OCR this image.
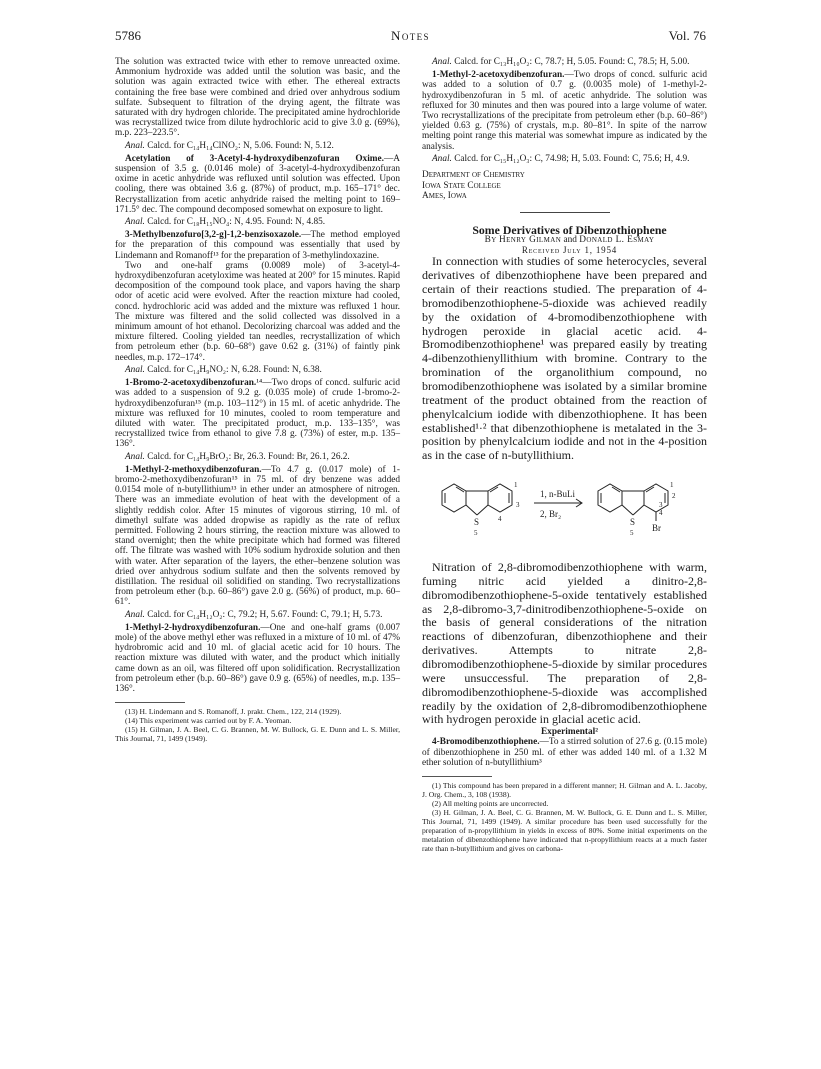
5786	Notes	Vol. 76

The solution was extracted twice with ether to remove unreacted oxime. Ammonium hydroxide was added until the solution was basic, and the solution was again extracted twice with ether. The ethereal extracts containing the free base were combined and dried over anhydrous sodium sulfate. Subsequent to filtration of the drying agent, the filtrate was saturated with dry hydrogen chloride. The precipitated amine hydrochloride was recrystallized twice from dilute hydrochloric acid to give 3.0 g. (69%), m.p. 223–223.5°.

Anal. Calcd. for C₁₄H₁₄ClNO₂: N, 5.06. Found: N, 5.12.

Acetylation of 3-Acetyl-4-hydroxydibenzofuran Oxime.—A suspension of 3.5 g. (0.0146 mole) of 3-acetyl-4-hydroxydibenzofuran oxime in acetic anhydride was refluxed until solution was effected. Upon cooling, there was obtained 3.6 g. (87%) of product, m.p. 165–171° dec. Recrystallization from acetic anhydride raised the melting point to 169–171.5° dec. The compound decomposed somewhat on exposure to light.

Anal. Calcd. for C₁₈H₁₅NO₄: N, 4.95. Found: N, 4.85.

3-Methylbenzofuro[3,2-g]-1,2-benzisoxazole.—The method employed for the preparation of this compound was essentially that used by Lindemann and Romanoff¹³ for the preparation of 3-methylindoxazine.

Two and one-half grams (0.0089 mole) of 3-acetyl-4-hydroxydibenzofuran acetyloxime was heated at 200° for 15 minutes. Rapid decomposition of the compound took place, and vapors having the sharp odor of acetic acid were evolved. After the reaction mixture had cooled, concd. hydrochloric acid was added and the mixture was refluxed 1 hour. The mixture was filtered and the solid collected was dissolved in a minimum amount of hot ethanol. Decolorizing charcoal was added and the mixture filtered. Cooling yielded tan needles, recrystallization of which from petroleum ether (b.p. 60–68°) gave 0.62 g. (31%) of faintly pink needles, m.p. 172–174°.

Anal. Calcd. for C₁₄H₉NO₂: N, 6.28. Found: N, 6.38.

1-Bromo-2-acetoxydibenzofuran.¹⁴—Two drops of concd. sulfuric acid was added to a suspension of 9.2 g. (0.035 mole) of crude 1-bromo-2-hydroxydibenzofuran¹⁵ (m.p. 103–112°) in 15 ml. of acetic anhydride. The mixture was refluxed for 10 minutes, cooled to room temperature and diluted with water. The precipitated product, m.p. 133–135°, was recrystallized twice from ethanol to give 7.8 g. (73%) of ester, m.p. 135–136°.

Anal. Calcd. for C₁₄H₉BrO₂: Br, 26.3. Found: Br, 26.1, 26.2.

1-Methyl-2-methoxydibenzofuran.—To 4.7 g. (0.017 mole) of 1-bromo-2-methoxydibenzofuran¹⁵ in 75 ml. of dry benzene was added 0.0154 mole of n-butyllithium¹³ in ether under an atmosphere of nitrogen. There was an immediate evolution of heat with the development of a slightly reddish color. After 15 minutes of vigorous stirring, 10 ml. of dimethyl sulfate was added dropwise as rapidly as the rate of reflux permitted. Following 2 hours stirring, the reaction mixture was allowed to stand overnight; then the white precipitate which had formed was filtered off. The filtrate was washed with 10% sodium hydroxide solution and then with water. After separation of the layers, the ether–benzene solution was dried over anhydrous sodium sulfate and then the solvents removed by distillation. The residual oil solidified on standing. Two recrystallizations from petroleum ether (b.p. 60–86°) gave 2.0 g. (56%) of product, m.p. 60–61°.

Anal. Calcd. for C₁₄H₁₂O₂: C, 79.2; H, 5.67. Found: C, 79.1; H, 5.73.

1-Methyl-2-hydroxydibenzofuran.—One and one-half grams (0.007 mole) of the above methyl ether was refluxed in a mixture of 10 ml. of 47% hydrobromic acid and 10 ml. of glacial acetic acid for 10 hours. The reaction mixture was diluted with water, and the product which initially came down as an oil, was filtered off upon solidification. Recrystallization from petroleum ether (b.p. 60–86°) gave 0.9 g. (65%) of needles, m.p. 135–136°.

(13) H. Lindemann and S. Romanoff, J. prakt. Chem., 122, 214 (1929).

(14) This experiment was carried out by F. A. Yeoman.

(15) H. Gilman, J. A. Beel, C. G. Brannen, M. W. Bullock, G. E. Dunn and L. S. Miller, This Journal, 71, 1499 (1949).

Anal. Calcd. for C₁₃H₁₀O₂: C, 78.7; H, 5.05. Found: C, 78.5; H, 5.00.

1-Methyl-2-acetoxydibenzofuran.—Two drops of concd. sulfuric acid was added to a solution of 0.7 g. (0.0035 mole) of 1-methyl-2-hydroxydibenzofuran in 5 ml. of acetic anhydride. The solution was refluxed for 30 minutes and then was poured into a large volume of water. Two recrystallizations of the precipitate from petroleum ether (b.p. 60–86°) yielded 0.63 g. (75%) of crystals, m.p. 80–81°. In spite of the narrow melting point range this material was somewhat impure as indicated by the analysis.

Anal. Calcd. for C₁₅H₁₂O₃: C, 74.98; H, 5.03. Found: C, 75.6; H, 4.9.

Department of Chemistry
Iowa State College
Ames, Iowa

Some Derivatives of Dibenzothiophene

By Henry Gilman and Donald L. Esmay

Received July 1, 1954

In connection with studies of some heterocycles, several derivatives of dibenzothiophene have been prepared and certain of their reactions studied. The preparation of 4-bromodibenzothiophene-5-dioxide was achieved readily by the oxidation of 4-bromodibenzothiophene with hydrogen peroxide in glacial acetic acid. 4-Bromodibenzothiophene¹ was prepared easily by treating 4-dibenzothienyllithium with bromine. Contrary to the bromination of the organolithium compound, no bromodibenzothiophene was isolated by a similar bromine treatment of the product obtained from the reaction of phenylcalcium iodide with dibenzothiophene. It has been established¹·² that dibenzothiophene is metalated in the 3-position by phenylcalcium iodide and not in the 4-position as in the case of n-butyllithium.

S
5
1
3
4
1, n-BuLi
2, Br₂
S
5
1
2
3
4
Br

Nitration of 2,8-dibromodibenzothiophene with warm, fuming nitric acid yielded a dinitro-2,8-dibromodibenzothiophene-5-oxide tentatively established as 2,8-dibromo-3,7-dinitrodibenzothiophene-5-oxide on the basis of general considerations of the nitration reactions of dibenzofuran, dibenzothiophene and their derivatives. Attempts to nitrate 2,8-dibromodibenzothiophene-5-dioxide by similar procedures were unsuccessful. The preparation of 2,8-dibromodibenzothiophene-5-dioxide was accomplished readily by the oxidation of 2,8-dibromodibenzothiophene with hydrogen peroxide in glacial acetic acid.

Experimental²

4-Bromodibenzothiophene.—To a stirred solution of 27.6 g. (0.15 mole) of dibenzothiophene in 250 ml. of ether was added 140 ml. of a 1.32 M ether solution of n-butyllithium³

(1) This compound has been prepared in a different manner; H. Gilman and A. L. Jacoby, J. Org. Chem., 3, 108 (1938).

(2) All melting points are uncorrected.

(3) H. Gilman, J. A. Beel, C. G. Brannen, M. W. Bullock, G. E. Dunn and L. S. Miller, This Journal, 71, 1499 (1949). A similar procedure has been used successfully for the preparation of n-propyllithium in yields in excess of 80%. Some initial experiments on the metalation of dibenzothiophene have indicated that n-propyllithium reacts at a much faster rate than n-butyllithium and gives on carbona-
